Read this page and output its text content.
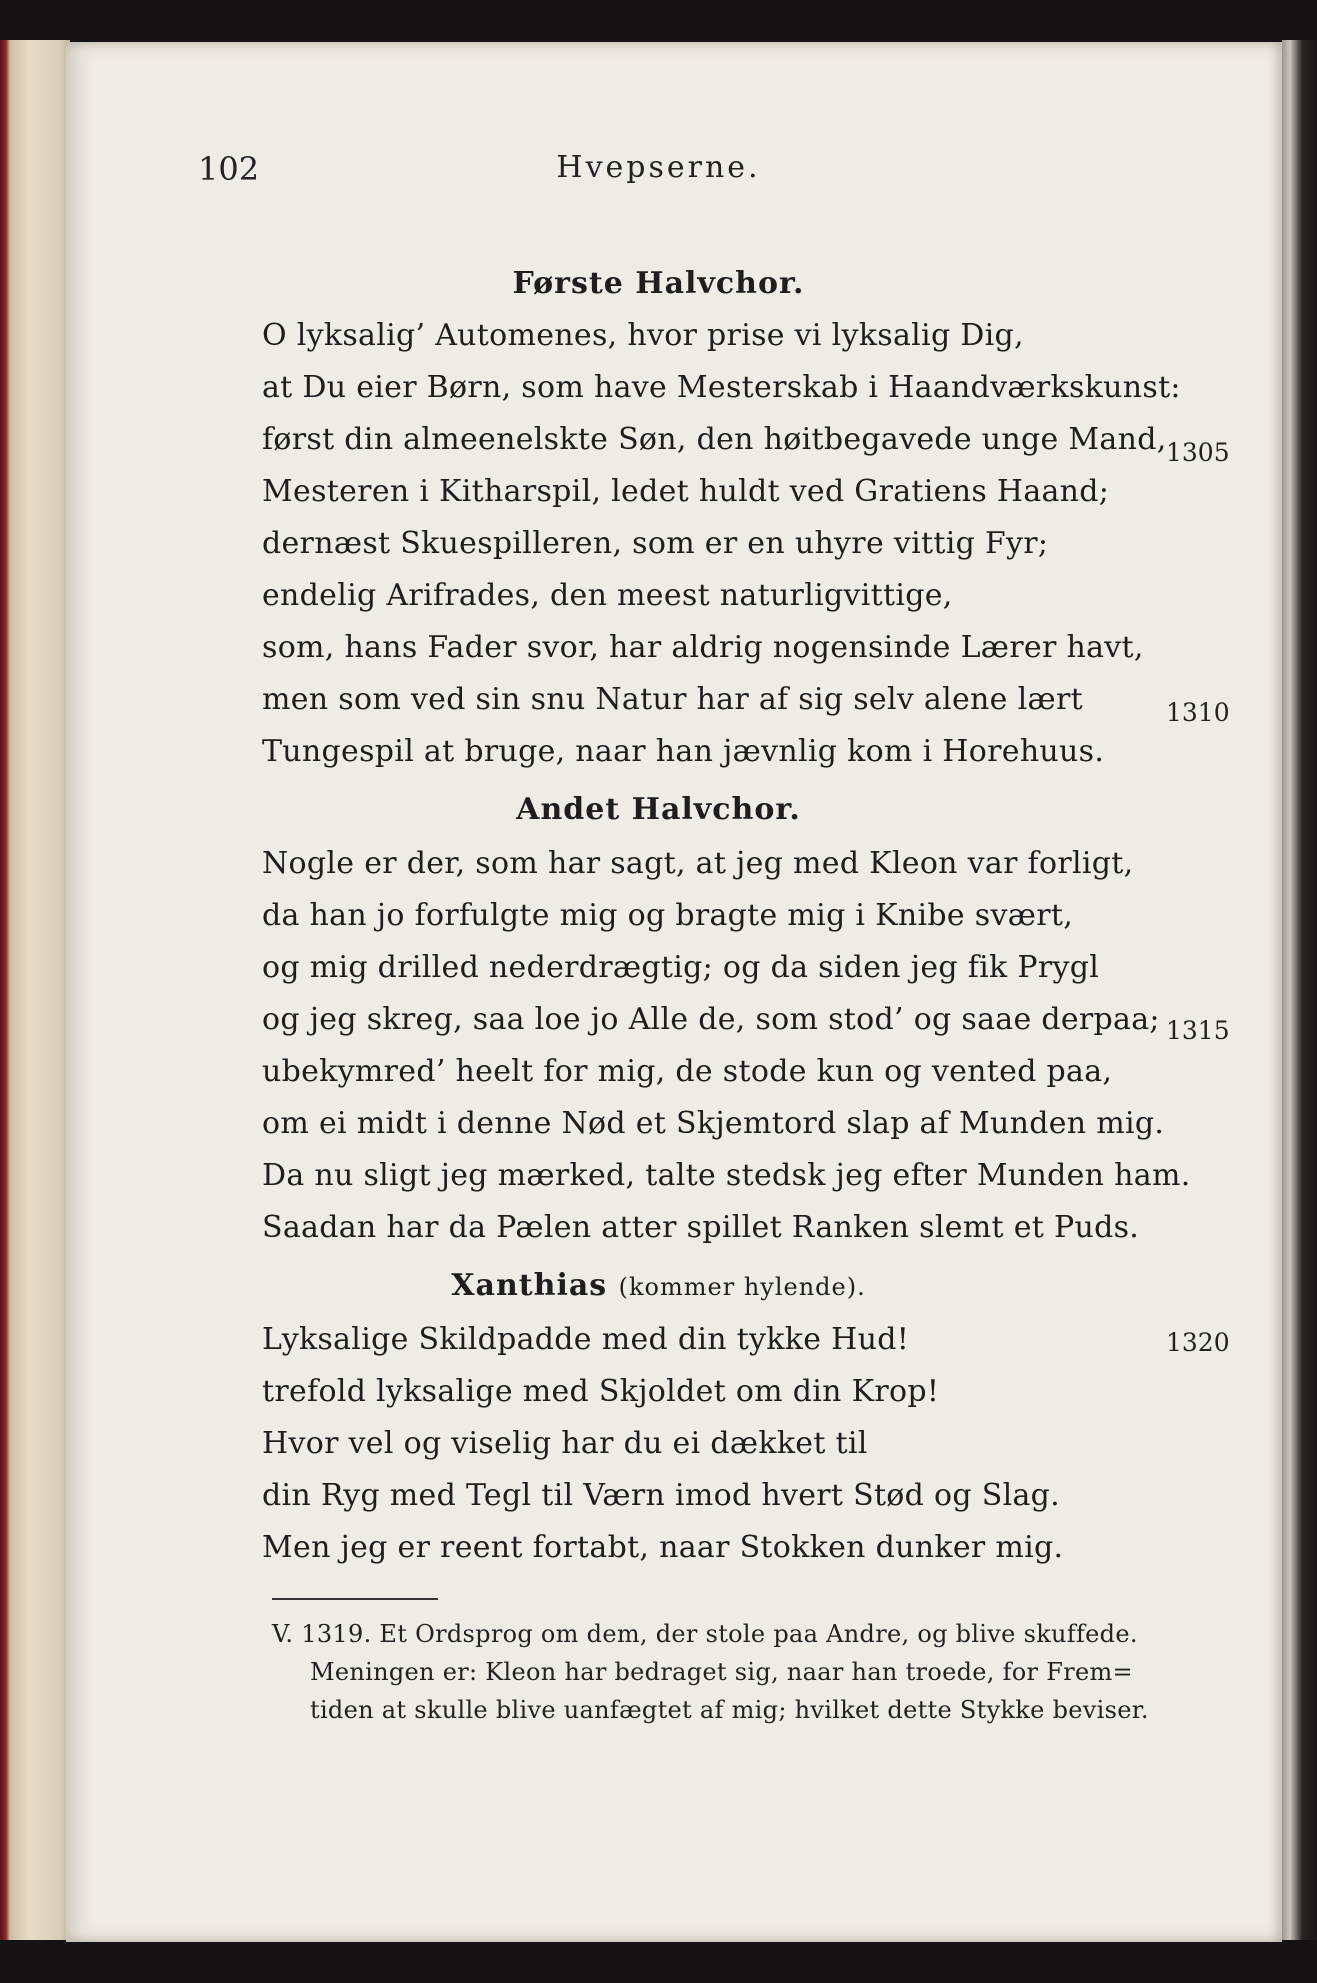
102	Hvepserne.
Første Halvchor.
O lyksalig’ Automenes, hvor prise vi lyksalig Dig,
at Du eier Børn, som have Mesterskab i Haandværkskunst:
først din almeenelskte Søn, den høitbegavede unge Mand, 1305
Mesteren i Kitharspil, ledet huldt ved Gratiens Haand;
dernæst Skuespilleren, som er en uhyre vittig Fyr;
endelig Arifrades, den meest naturligvittige,
som, hans Fader svor, har aldrig nogensinde Lærer havt,
men som ved sin snu Natur har af sig selv alene lært	1310
Tungespil at bruge, naar han jævnlig kom i Horehuus.
Andet Halvchor.
Nogle er der, som har sagt, at jeg med Kleon var forligt,
da han jo forfulgte mig og bragte mig i Knibe svært,
og mig drilled nederdrægtig; og da siden jeg fik Prygl
og jeg skreg, saa loe jo Alle de, som stod’ og saae derpaa; 1315
ubekymred’ heelt for mig, de stode kun og vented paa,
om ei midt i denne Nød et Skjemtord slap af Munden mig.
Da nu sligt jeg mærked, talte stedsk jeg efter Munden ham.
Saadan har da Pælen atter spillet Ranken slemt et Puds.
Xanthias (kommer hylende).
Lyksalige Skildpadde med din tykke Hud!	1320
trefold lyksalige med Skjoldet om din Krop!
Hvor vel og viselig har du ei dækket til
din Ryg med Tegl til Værn imod hvert Stød og Slag.
Men jeg er reent fortabt, naar Stokken dunker mig.
V. 1319. Et Ordsprog om dem, der stole paa Andre, og blive skuffede.
Meningen er: Kleon har bedraget sig, naar han troede, for Frem=
tiden at skulle blive uanfægtet af mig; hvilket dette Stykke beviser.
